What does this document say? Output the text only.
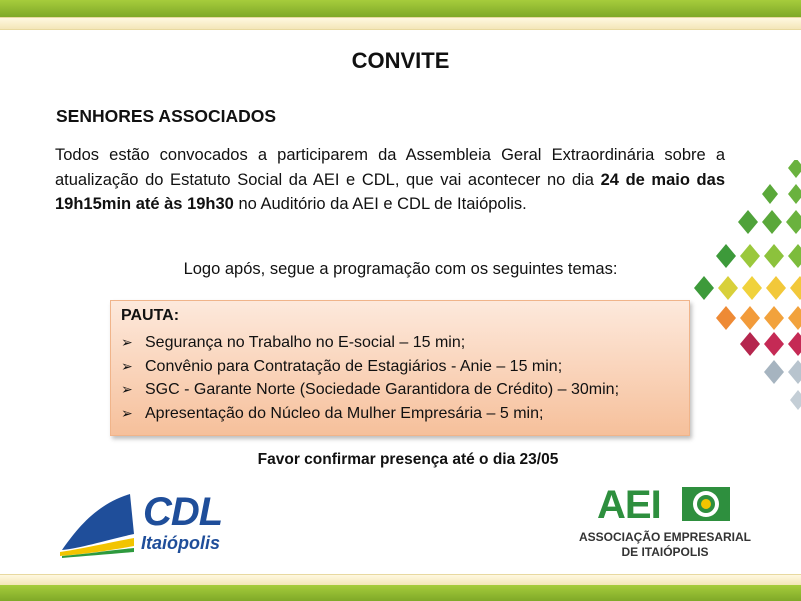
CONVITE
SENHORES ASSOCIADOS
Todos estão convocados a participarem da Assembleia Geral Extraordinária sobre a atualização do Estatuto Social da AEI e CDL, que vai acontecer no dia 24 de maio das 19h15min até às 19h30 no Auditório da AEI e CDL de Itaiópolis.
Logo após, segue a programação com os seguintes temas:
PAUTA:
➢ Segurança no Trabalho no E-social – 15 min;
➢ Convênio para Contratação de Estagiários - Anie – 15 min;
➢ SGC - Garante Norte (Sociedade Garantidora de Crédito) – 30min;
➢ Apresentação do Núcleo da Mulher Empresária – 5 min;
Favor confirmar presença até o dia 23/05
CDL
Itaiópolis
AEI
ASSOCIAÇÃO EMPRESARIAL
DE ITAIÓPOLIS
